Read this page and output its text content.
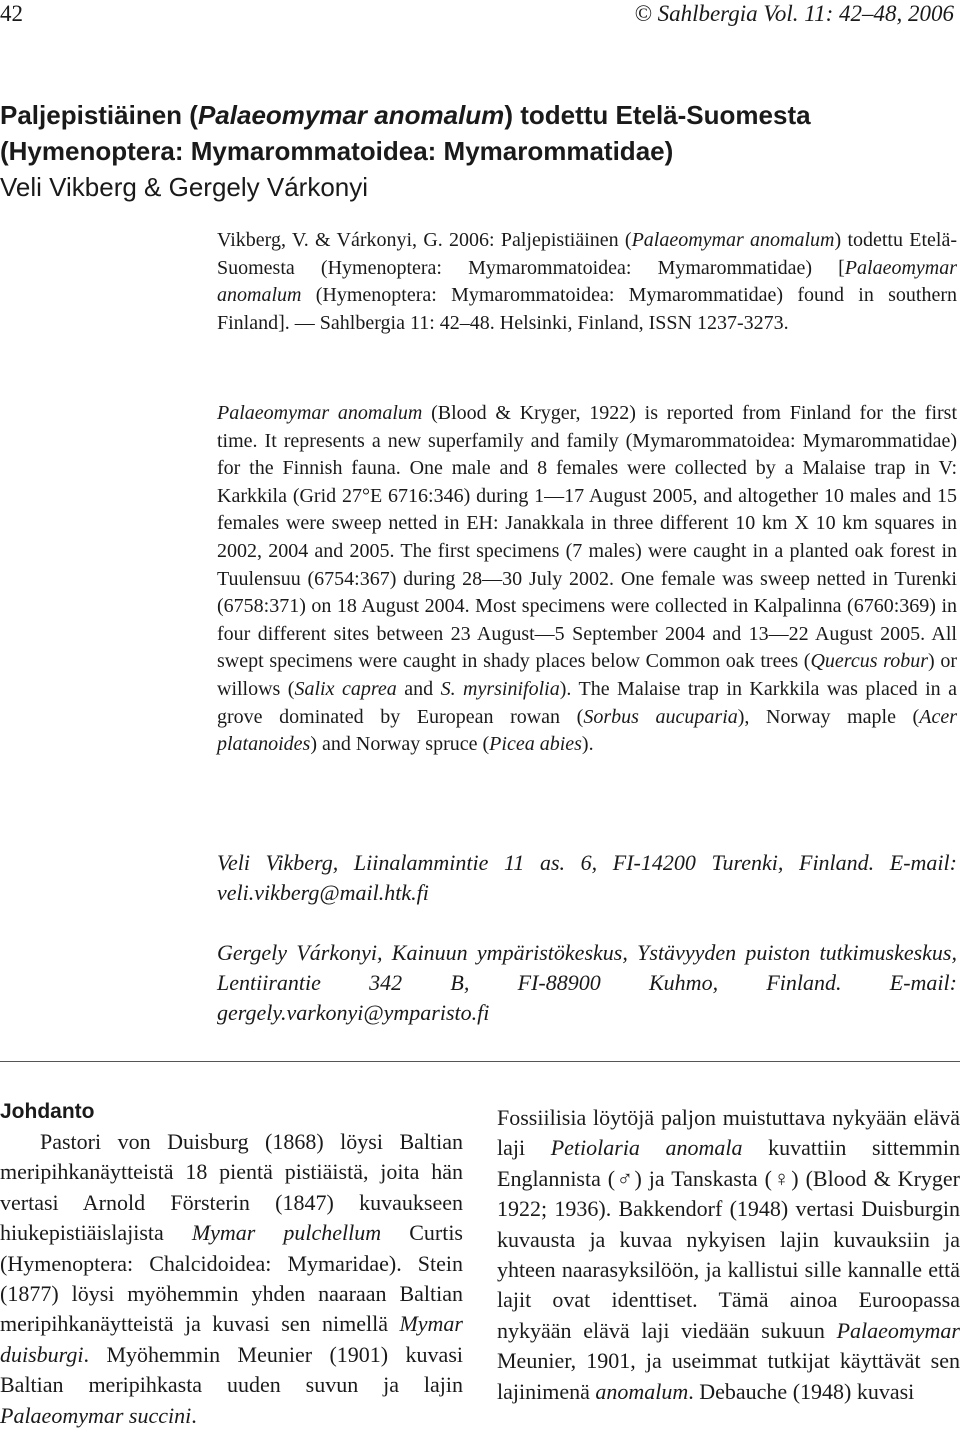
42	© Sahlbergia Vol. 11: 42–48, 2006
Paljepistiäinen (Palaeomymar anomalum) todettu Etelä-Suomesta (Hymenoptera: Mymarommatoidea: Mymarommatidae)
Veli Vikberg & Gergely Várkonyi
Vikberg, V. & Várkonyi, G. 2006: Paljepistiäinen (Palaeomymar anomalum) todettu Etelä-Suomesta (Hymenoptera: Mymarommatoidea: Mymarommatidae) [Palaeomymar anomalum (Hymenoptera: Mymarommatoidea: Mymarommatidae) found in southern Finland]. — Sahlbergia 11: 42–48. Helsinki, Finland, ISSN 1237-3273.
Palaeomymar anomalum (Blood & Kryger, 1922) is reported from Finland for the first time. It represents a new superfamily and family (Mymarommatoidea: Mymarommatidae) for the Finnish fauna. One male and 8 females were collected by a Malaise trap in V: Karkkila (Grid 27°E 6716:346) during 1—17 August 2005, and altogether 10 males and 15 females were sweep netted in EH: Janakkala in three different 10 km X 10 km squares in 2002, 2004 and 2005. The first specimens (7 males) were caught in a planted oak forest in Tuulensuu (6754:367) during 28—30 July 2002. One female was sweep netted in Turenki (6758:371) on 18 August 2004. Most specimens were collected in Kalpalinna (6760:369) in four different sites between 23 August—5 September 2004 and 13—22 August 2005. All swept specimens were caught in shady places below Common oak trees (Quercus robur) or willows (Salix caprea and S. myrsinifolia). The Malaise trap in Karkkila was placed in a grove dominated by European rowan (Sorbus aucuparia), Norway maple (Acer platanoides) and Norway spruce (Picea abies).
Veli Vikberg, Liinalammintie 11 as. 6, FI-14200 Turenki, Finland. E-mail: veli.vikberg@mail.htk.fi
Gergely Várkonyi, Kainuun ympäristökeskus, Ystävyyden puiston tutkimuskeskus, Lentiirantie 342 B, FI-88900 Kuhmo, Finland. E-mail: gergely.varkonyi@ymparisto.fi
Johdanto

Pastori von Duisburg (1868) löysi Baltian meripihkanäytteistä 18 pientä pistiäistä, joita hän vertasi Arnold Försterin (1847) kuvaukseen hiukepistiäislajista Mymar pulchellum Curtis (Hymenoptera: Chalcidoidea: Mymaridae). Stein (1877) löysi myöhemmin yhden naaraan Baltian meripihkanäytteistä ja kuvasi sen nimellä Mymar duisburgi. Myöhemmin Meunier (1901) kuvasi Baltian meripihkasta uuden suvun ja lajin Palaeomymar succini.

Fossiilisia löytöjä paljon muistuttava nykyään elävä laji Petiolaria anomala kuvattiin sittemmin Englannista (♂) ja Tanskasta (♀) (Blood & Kryger 1922; 1936). Bakkendorf (1948) vertasi Duisburgin kuvausta ja kuvaa nykyisen lajin kuvauksiin ja yhteen naarasyksilöön, ja kallistui sille kannalle että lajit ovat identtiset. Tämä ainoa Euroopassa nykyään elävä laji viedään sukuun Palaeomymar Meunier, 1901, ja useimmat tutkijat käyttävät sen lajinimenä anomalum. Debauche (1948) kuvasi
